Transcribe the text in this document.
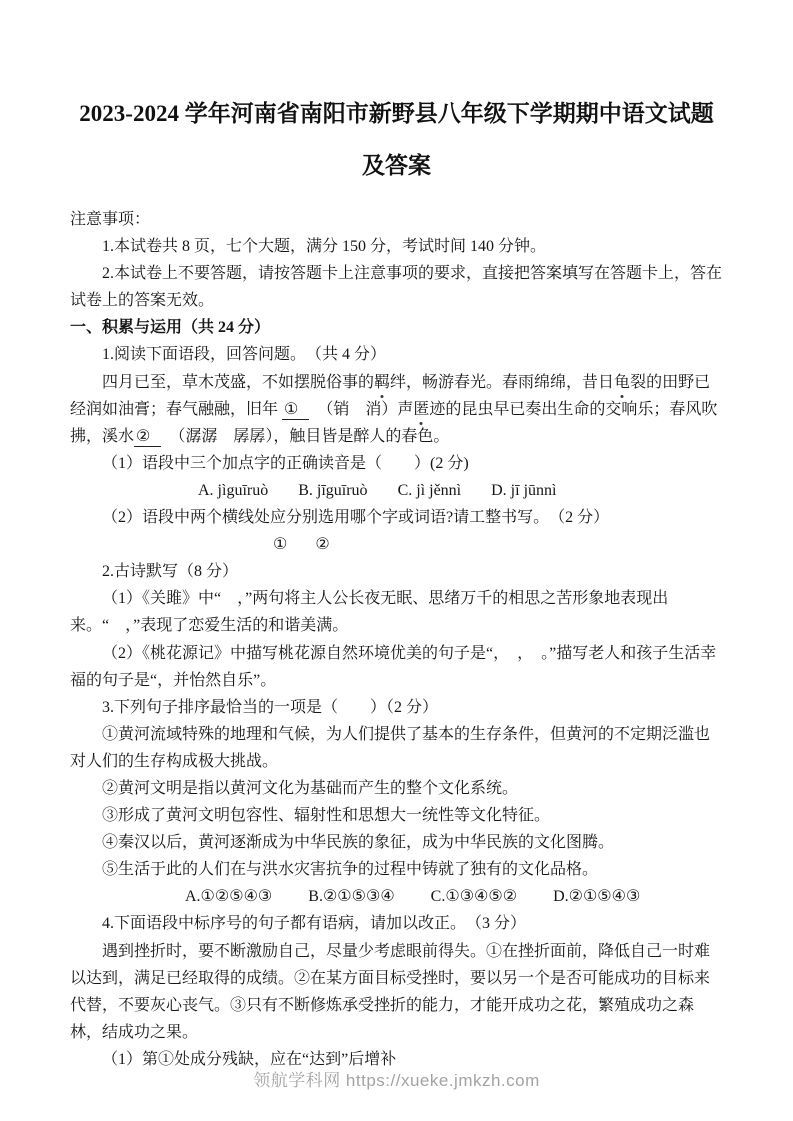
2023-2024 学年河南省南阳市新野县八年级下学期期中语文试题及答案
注意事项：
1.本试卷共 8 页，七个大题，满分 150 分，考试时间 140 分钟。
2.本试卷上不要答题，请按答题卡上注意事项的要求，直接把答案填写在答题卡上，答在试卷上的答案无效。
一、积累与运用（共 24 分）
1.阅读下面语段，回答问题。　（共 4 分）
四月已至，草木茂盛，不如摆脱俗事的羁绊，畅游春光。春雨绵绵，昔日龟裂的田野已经润如油膏；春气融融，旧年 ①　（销　消）声匿迹的昆虫早已奏出生命的交响乐；春风吹拂，溪水 ②　（潺潺　孱孱），触目皆是醉人的春色。
（1）语段中三个加点字的正确读音是（　　）(2 分)
A. jìguīruò B. jīguīruò C. jì jěnnì D. jī jūnnì
（2）语段中两个横线处应分别选用哪个字或词语?请工整书写。　（2 分）
① ②
2.古诗默写（8 分）
（1）《关雎》中“　，”两句将主人公长夜无眠、思绪万千的相思之苦形象地表现出来。“　，”表现了恋爱生活的和谐美满。
（2）《桃花源记》中描写桃花源自然环境优美的句子是“，　，　。”描写老人和孩子生活幸福的句子是“，并怡然自乐”。
3.下列句子排序最恰当的一项是（　　）（2 分）
①黄河流域特殊的地理和气候，为人们提供了基本的生存条件，但黄河的不定期泛滥也对人们的生存构成极大挑战。
②黄河文明是指以黄河文化为基础而产生的整个文化系统。
③形成了黄河文明包容性、辐射性和思想大一统性等文化特征。
④秦汉以后，黄河逐渐成为中华民族的象征，成为中华民族的文化图腾。
⑤生活于此的人们在与洪水灾害抗争的过程中铸就了独有的文化品格。
A.①②⑤④③ B.②①⑤③④ C.①③④⑤② D.②①⑤④③
4.下面语段中标序号的句子都有语病，请加以改正。　（3 分）
遇到挫折时，要不断激励自己，尽量少考虑眼前得失。①在挫折面前，降低自己一时难以达到，满足已经取得的成绩。②在某方面目标受挫时，要以另一个是否可能成功的目标来代替，不要灰心丧气。③只有不断修炼承受挫折的能力，才能开成功之花，繁殖成功之森林，结成功之果。
（1）第①处成分残缺，应在“达到”后增补
领航学科网 https://xueke.jmkzh.com
